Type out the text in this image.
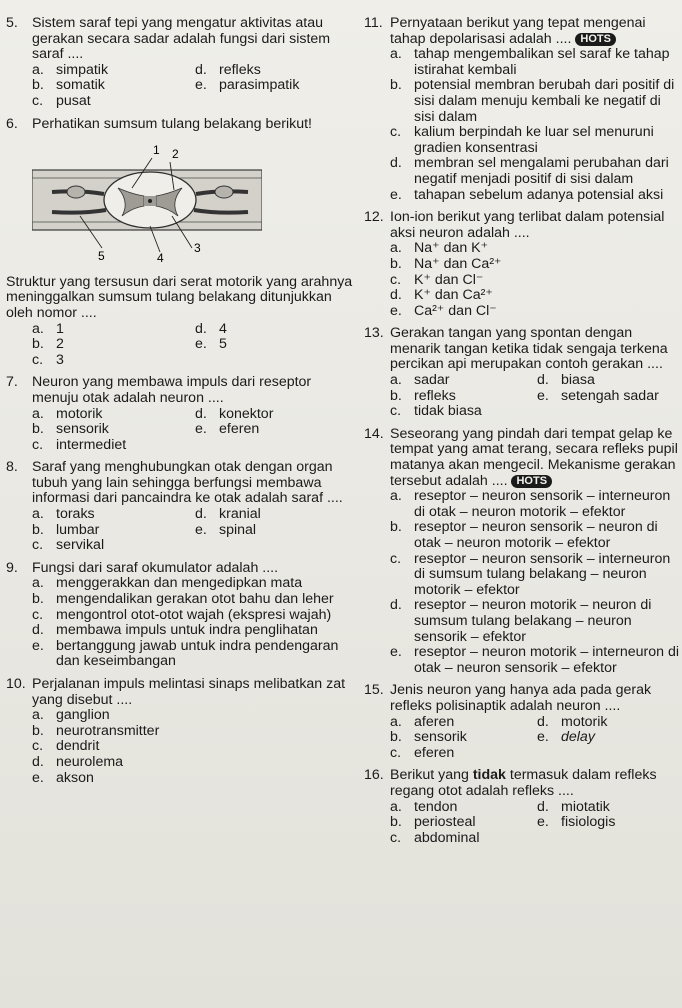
5. Sistem saraf tepi yang mengatur aktivitas atau gerakan secara sadar adalah fungsi dari sistem saraf ....
a. simpatik	d. refleks
b. somatik	e. parasimpatik
c. pusat
6. Perhatikan sumsum tulang belakang berikut!
1 2
5	4
3
Struktur yang tersusun dari serat motorik yang arahnya meninggalkan sumsum tulang belakang ditunjukkan oleh nomor ....
a. 1	d. 4
b. 2	e. 5
c. 3
7. Neuron yang membawa impuls dari reseptor menuju otak adalah neuron ....
a. motorik	d. konektor
b. sensorik	e. eferen
c. intermediet
8. Saraf yang menghubungkan otak dengan organ tubuh yang lain sehingga berfungsi membawa informasi dari pancaindra ke otak adalah saraf ....
a. toraks	d. kranial
b. lumbar	e. spinal
c. servikal
9. Fungsi dari saraf okumulator adalah ....
a. menggerakkan dan mengedipkan mata
b. mengendalikan gerakan otot bahu dan leher
c. mengontrol otot-otot wajah (ekspresi wajah)
d. membawa impuls untuk indra penglihatan
e. bertanggung jawab untuk indra pendengaran dan keseimbangan
10. Perjalanan impuls melintasi sinaps melibatkan zat yang disebut ....
a. ganglion
b. neurotransmitter
c. dendrit
d. neurolema
e. akson
11. Pernyataan berikut yang tepat mengenai tahap depolarisasi adalah .... HOTS
a. tahap mengembalikan sel saraf ke tahap istirahat kembali
b. potensial membran berubah dari positif di sisi dalam menuju kembali ke negatif di sisi dalam
c. kalium berpindah ke luar sel menuruni gradien konsentrasi
d. membran sel mengalami perubahan dari negatif menjadi positif di sisi dalam
e. tahapan sebelum adanya potensial aksi
12. Ion-ion berikut yang terlibat dalam potensial aksi neuron adalah ....
a. Na⁺ dan K⁺
b. Na⁺ dan Ca²⁺
c. K⁺ dan Cl⁻
d. K⁺ dan Ca²⁺
e. Ca²⁺ dan Cl⁻
13. Gerakan tangan yang spontan dengan menarik tangan ketika tidak sengaja terkena percikan api merupakan contoh gerakan ....
a. sadar	d. biasa
b. refleks	e. setengah sadar
c. tidak biasa
14. Seseorang yang pindah dari tempat gelap ke tempat yang amat terang, secara refleks pupil matanya akan mengecil. Mekanisme gerakan tersebut adalah .... HOTS
a. reseptor – neuron sensorik – interneuron di otak – neuron motorik – efektor
b. reseptor – neuron sensorik – neuron di otak – neuron motorik – efektor
c. reseptor – neuron sensorik – interneuron di sumsum tulang belakang – neuron motorik – efektor
d. reseptor – neuron motorik – neuron di sumsum tulang belakang – neuron sensorik – efektor
e. reseptor – neuron motorik – interneuron di otak – neuron sensorik – efektor
15. Jenis neuron yang hanya ada pada gerak refleks polisinaptik adalah neuron ....
a. aferen	d. motorik
b. sensorik	e. delay
c. eferen
16. Berikut yang tidak termasuk dalam refleks regang otot adalah refleks ....
a. tendon	d. miotatik
b. periosteal	e. fisiologis
c. abdominal
